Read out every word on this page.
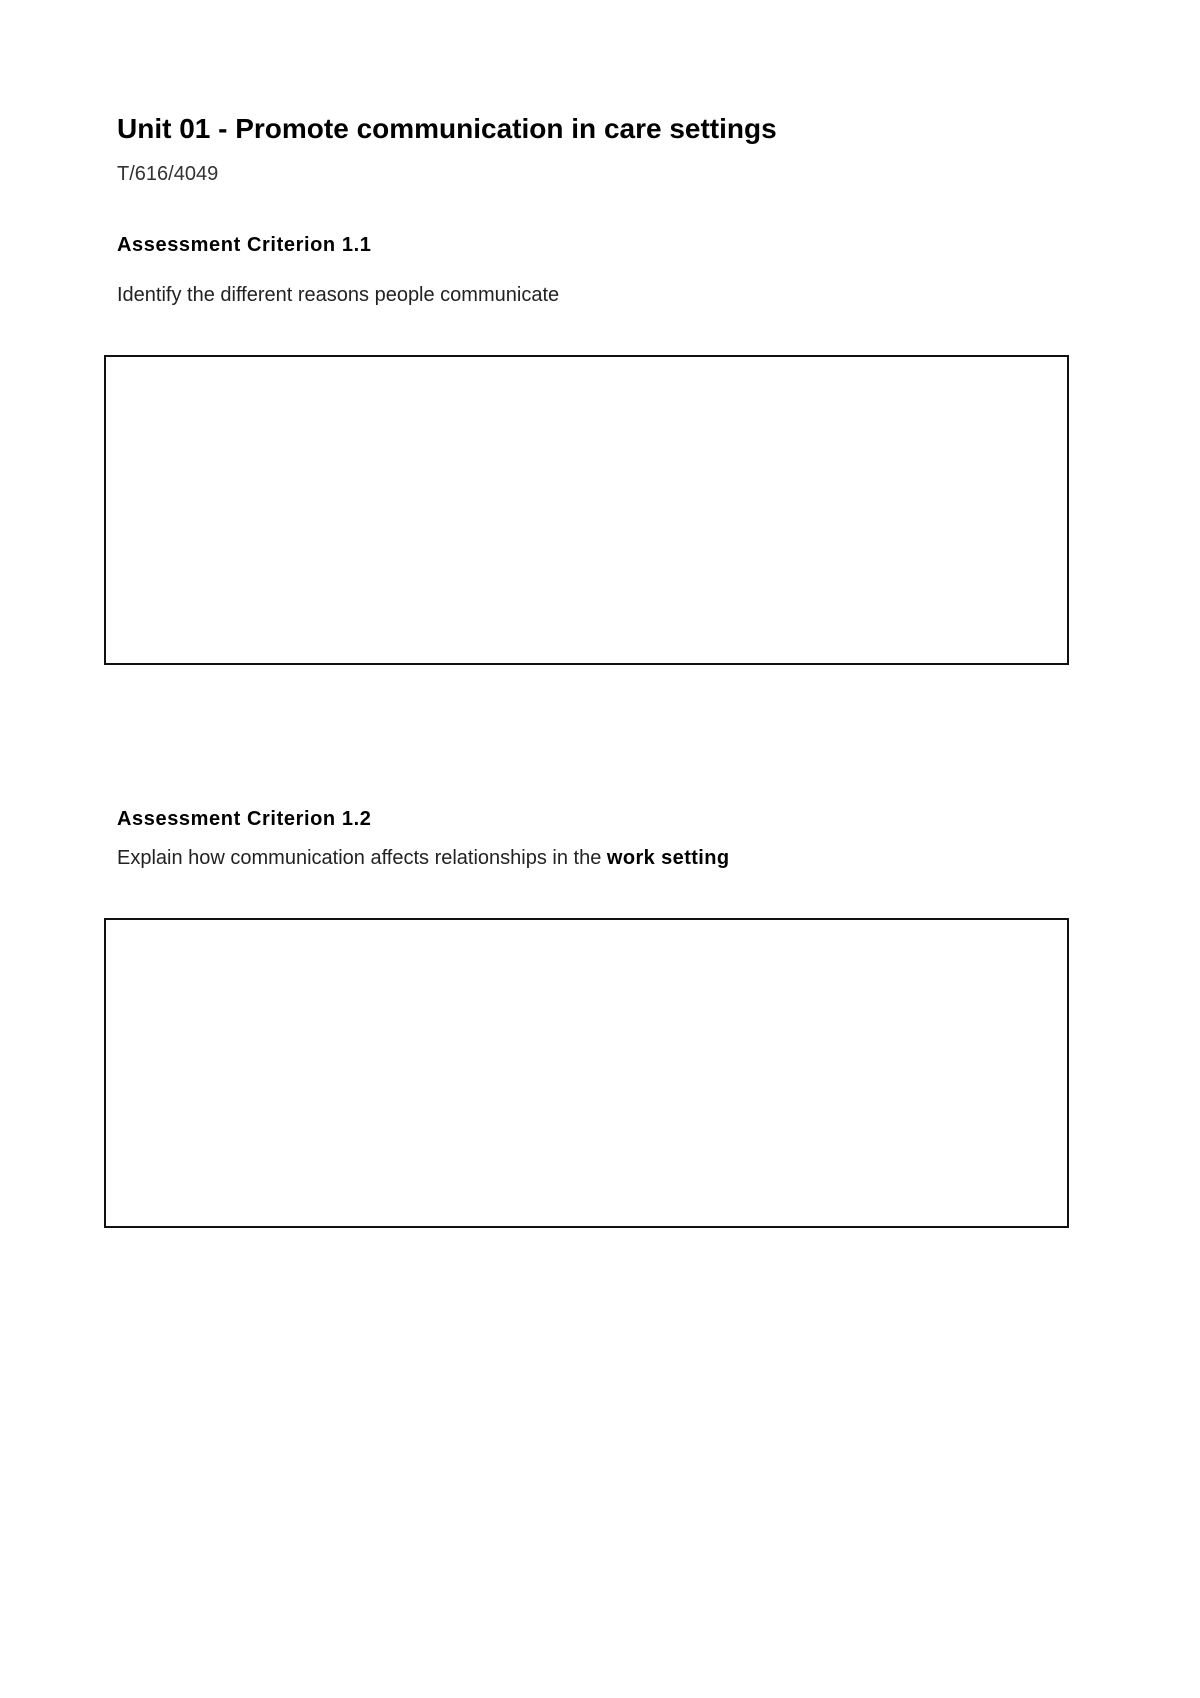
Unit 01 - Promote communication in care settings
T/616/4049
Assessment Criterion 1.1
Identify the different reasons people communicate
Assessment Criterion 1.2
Explain how communication affects relationships in the work setting
